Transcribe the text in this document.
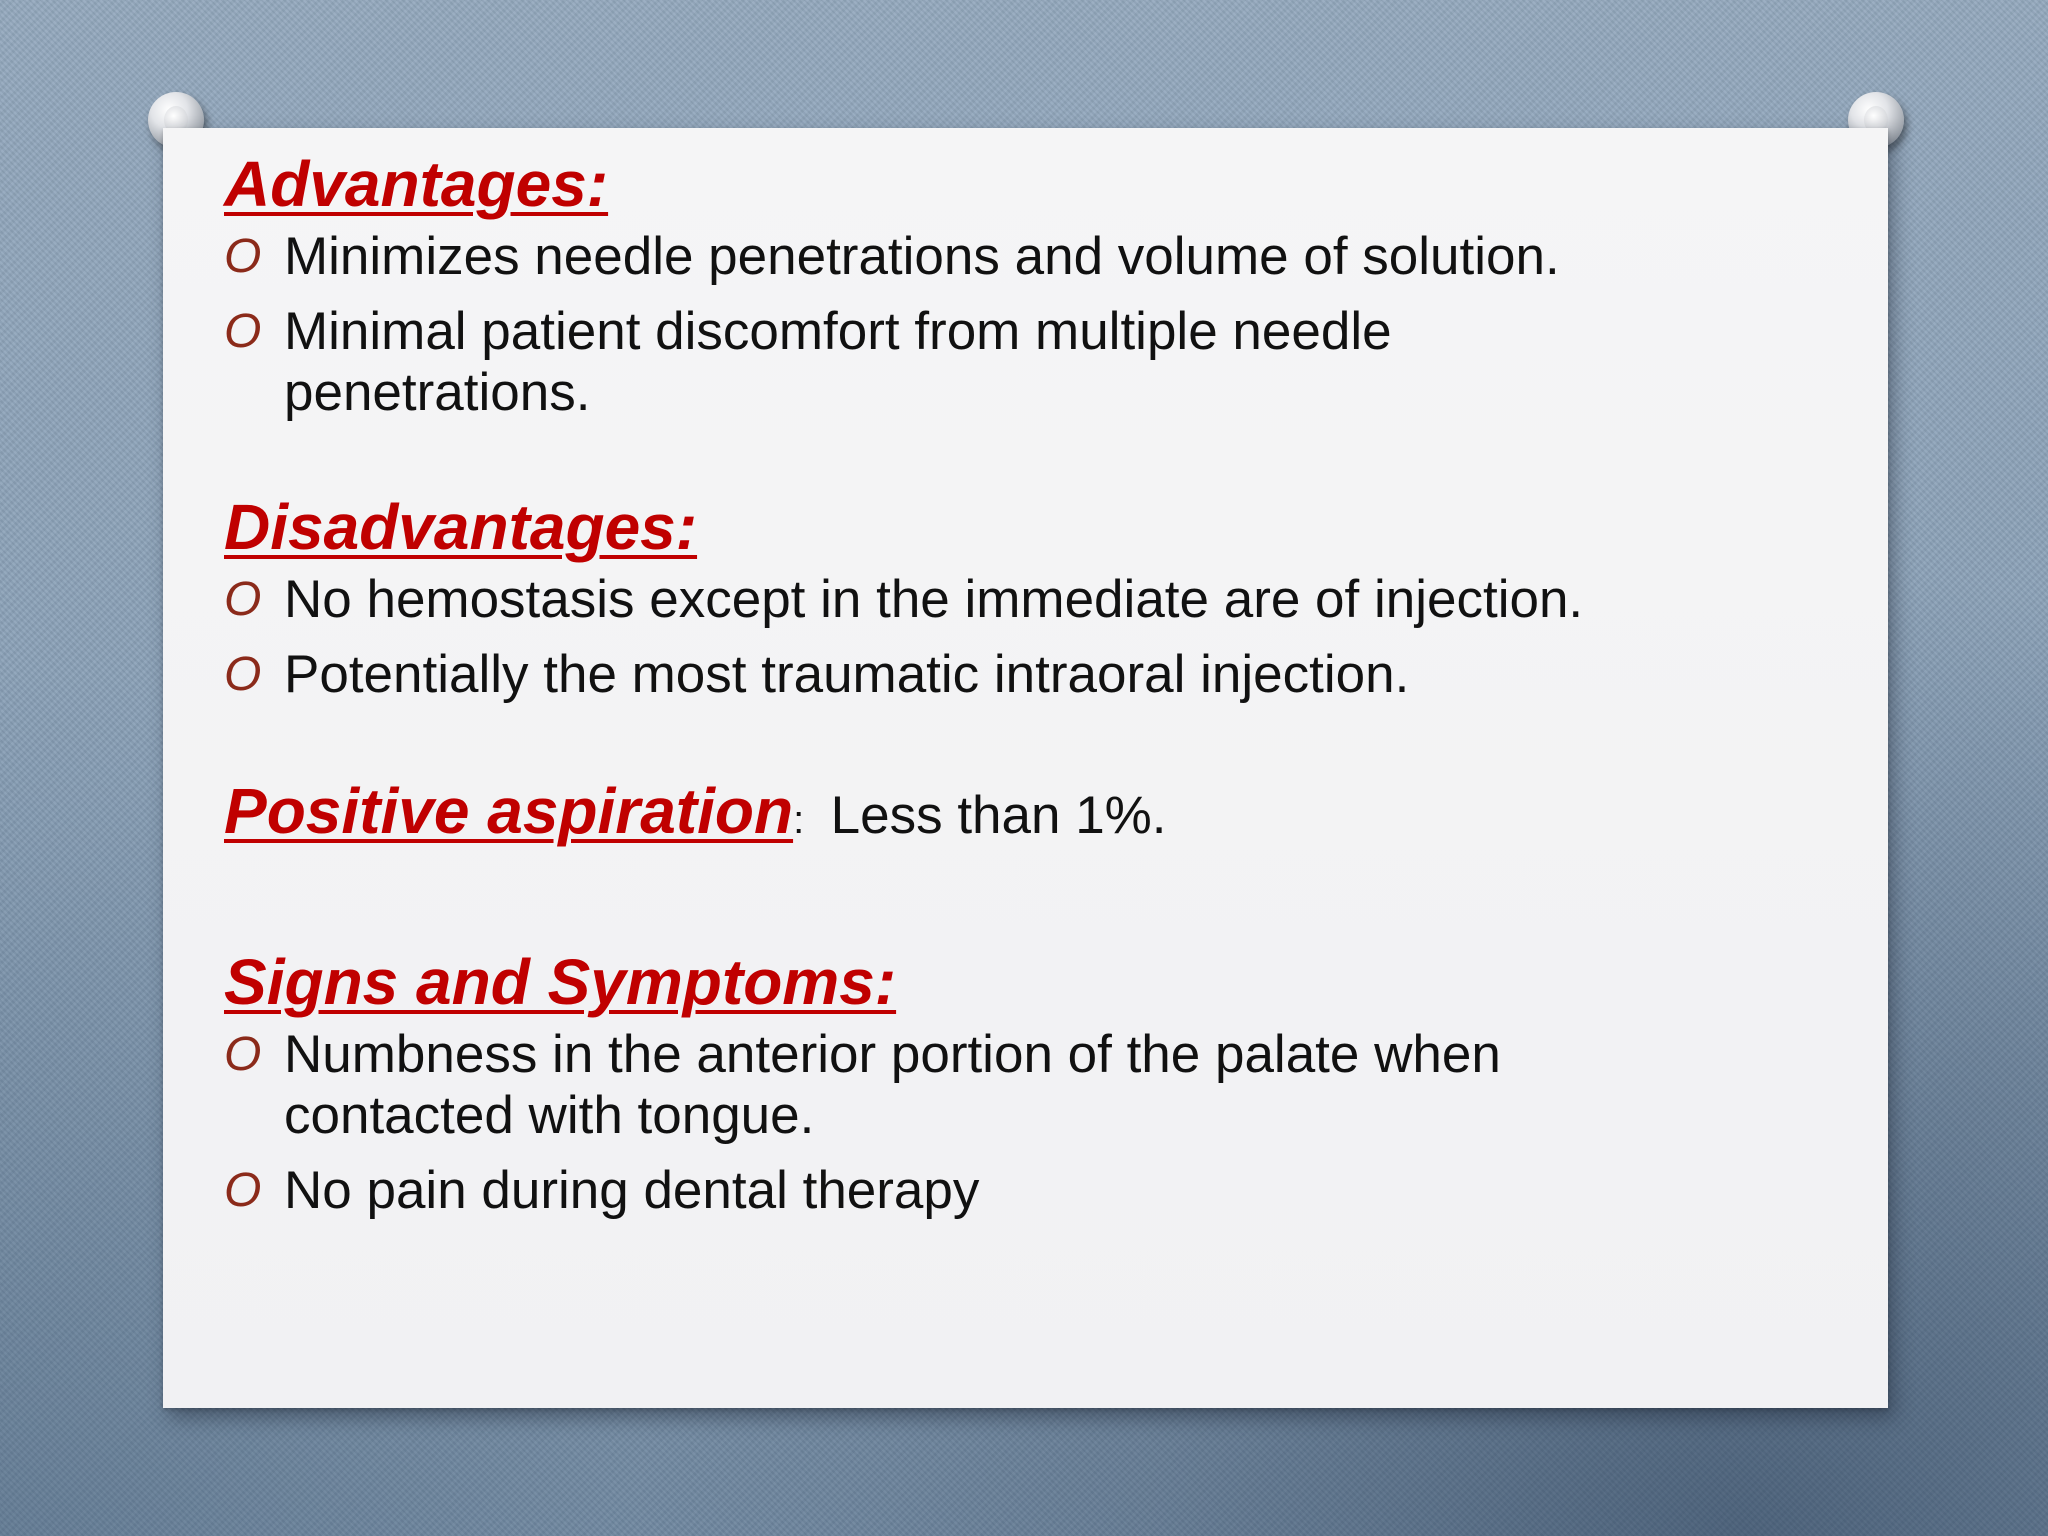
Advantages:
O Minimizes needle penetrations and volume of solution.
O Minimal patient discomfort from multiple needle penetrations.
Disadvantages:
O No hemostasis except in the immediate are of injection.
O Potentially the most traumatic intraoral injection.
Positive aspiration: Less than 1%.
Signs and Symptoms:
O Numbness in the anterior portion of the palate when contacted with tongue.
O No pain during dental therapy
